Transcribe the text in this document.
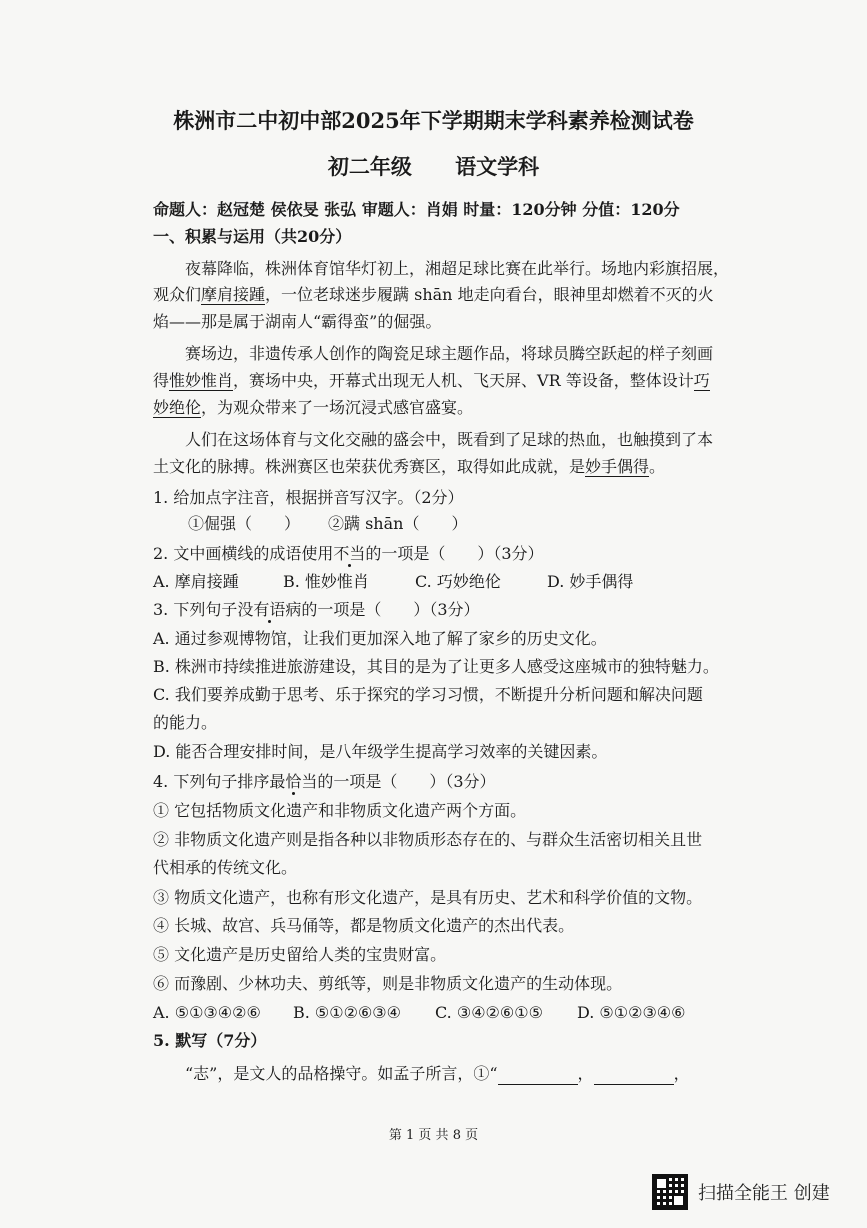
株洲市二中初中部2025年下学期期末学科素养检测试卷
初二年级 语文学科
命题人：赵冠楚 侯依旻 张弘 审题人：肖娟 时量：120分钟 分值：120分
一、积累与运用（共20分）
夜幕降临，株洲体育馆华灯初上，湘超足球比赛在此举行。场地内彩旗招展，
观众们摩肩接踵，一位老球迷步履蹒 shān 地走向看台，眼神里却燃着不灭的火
焰——那是属于湖南人“霸得蛮”的倔强。
赛场边，非遗传承人创作的陶瓷足球主题作品，将球员腾空跃起的样子刻画
得惟妙惟肖，赛场中央，开幕式出现无人机、飞天屏、VR 等设备，整体设计巧
妙绝伦，为观众带来了一场沉浸式感官盛宴。
人们在这场体育与文化交融的盛会中，既看到了足球的热血，也触摸到了本
土文化的脉搏。株洲赛区也荣获优秀赛区，取得如此成就，是妙手偶得。
1. 给加点字注音，根据拼音写汉字。（2分）
①倔强（　　） ②蹒 shān（　　）
2. 文中画横线的成语使用不当的一项是（　　）（3分）
A. 摩肩接踵	B. 惟妙惟肖	C. 巧妙绝伦	D. 妙手偶得
3. 下列句子没有语病的一项是（　　）（3分）
A. 通过参观博物馆，让我们更加深入地了解了家乡的历史文化。
B. 株洲市持续推进旅游建设，其目的是为了让更多人感受这座城市的独特魅力。
C. 我们要养成勤于思考、乐于探究的学习习惯，不断提升分析问题和解决问题
的能力。
D. 能否合理安排时间，是八年级学生提高学习效率的关键因素。
4. 下列句子排序最恰当的一项是（　　）（3分）
① 它包括物质文化遗产和非物质文化遗产两个方面。
② 非物质文化遗产则是指各种以非物质形态存在的、与群众生活密切相关且世
代相承的传统文化。
③ 物质文化遗产，也称有形文化遗产，是具有历史、艺术和科学价值的文物。
④ 长城、故宫、兵马俑等，都是物质文化遗产的杰出代表。
⑤ 文化遗产是历史留给人类的宝贵财富。
⑥ 而豫剧、少林功夫、剪纸等，则是非物质文化遗产的生动体现。
A. ⑤①③④②⑥ B. ⑤①②⑥③④ C. ③④②⑥①⑤ D. ⑤①②③④⑥
5. 默写（7分）
“志”，是文人的品格操守。如孟子所言，①“	，	，
第 1 页 共 8 页
扫描全能王 创建
